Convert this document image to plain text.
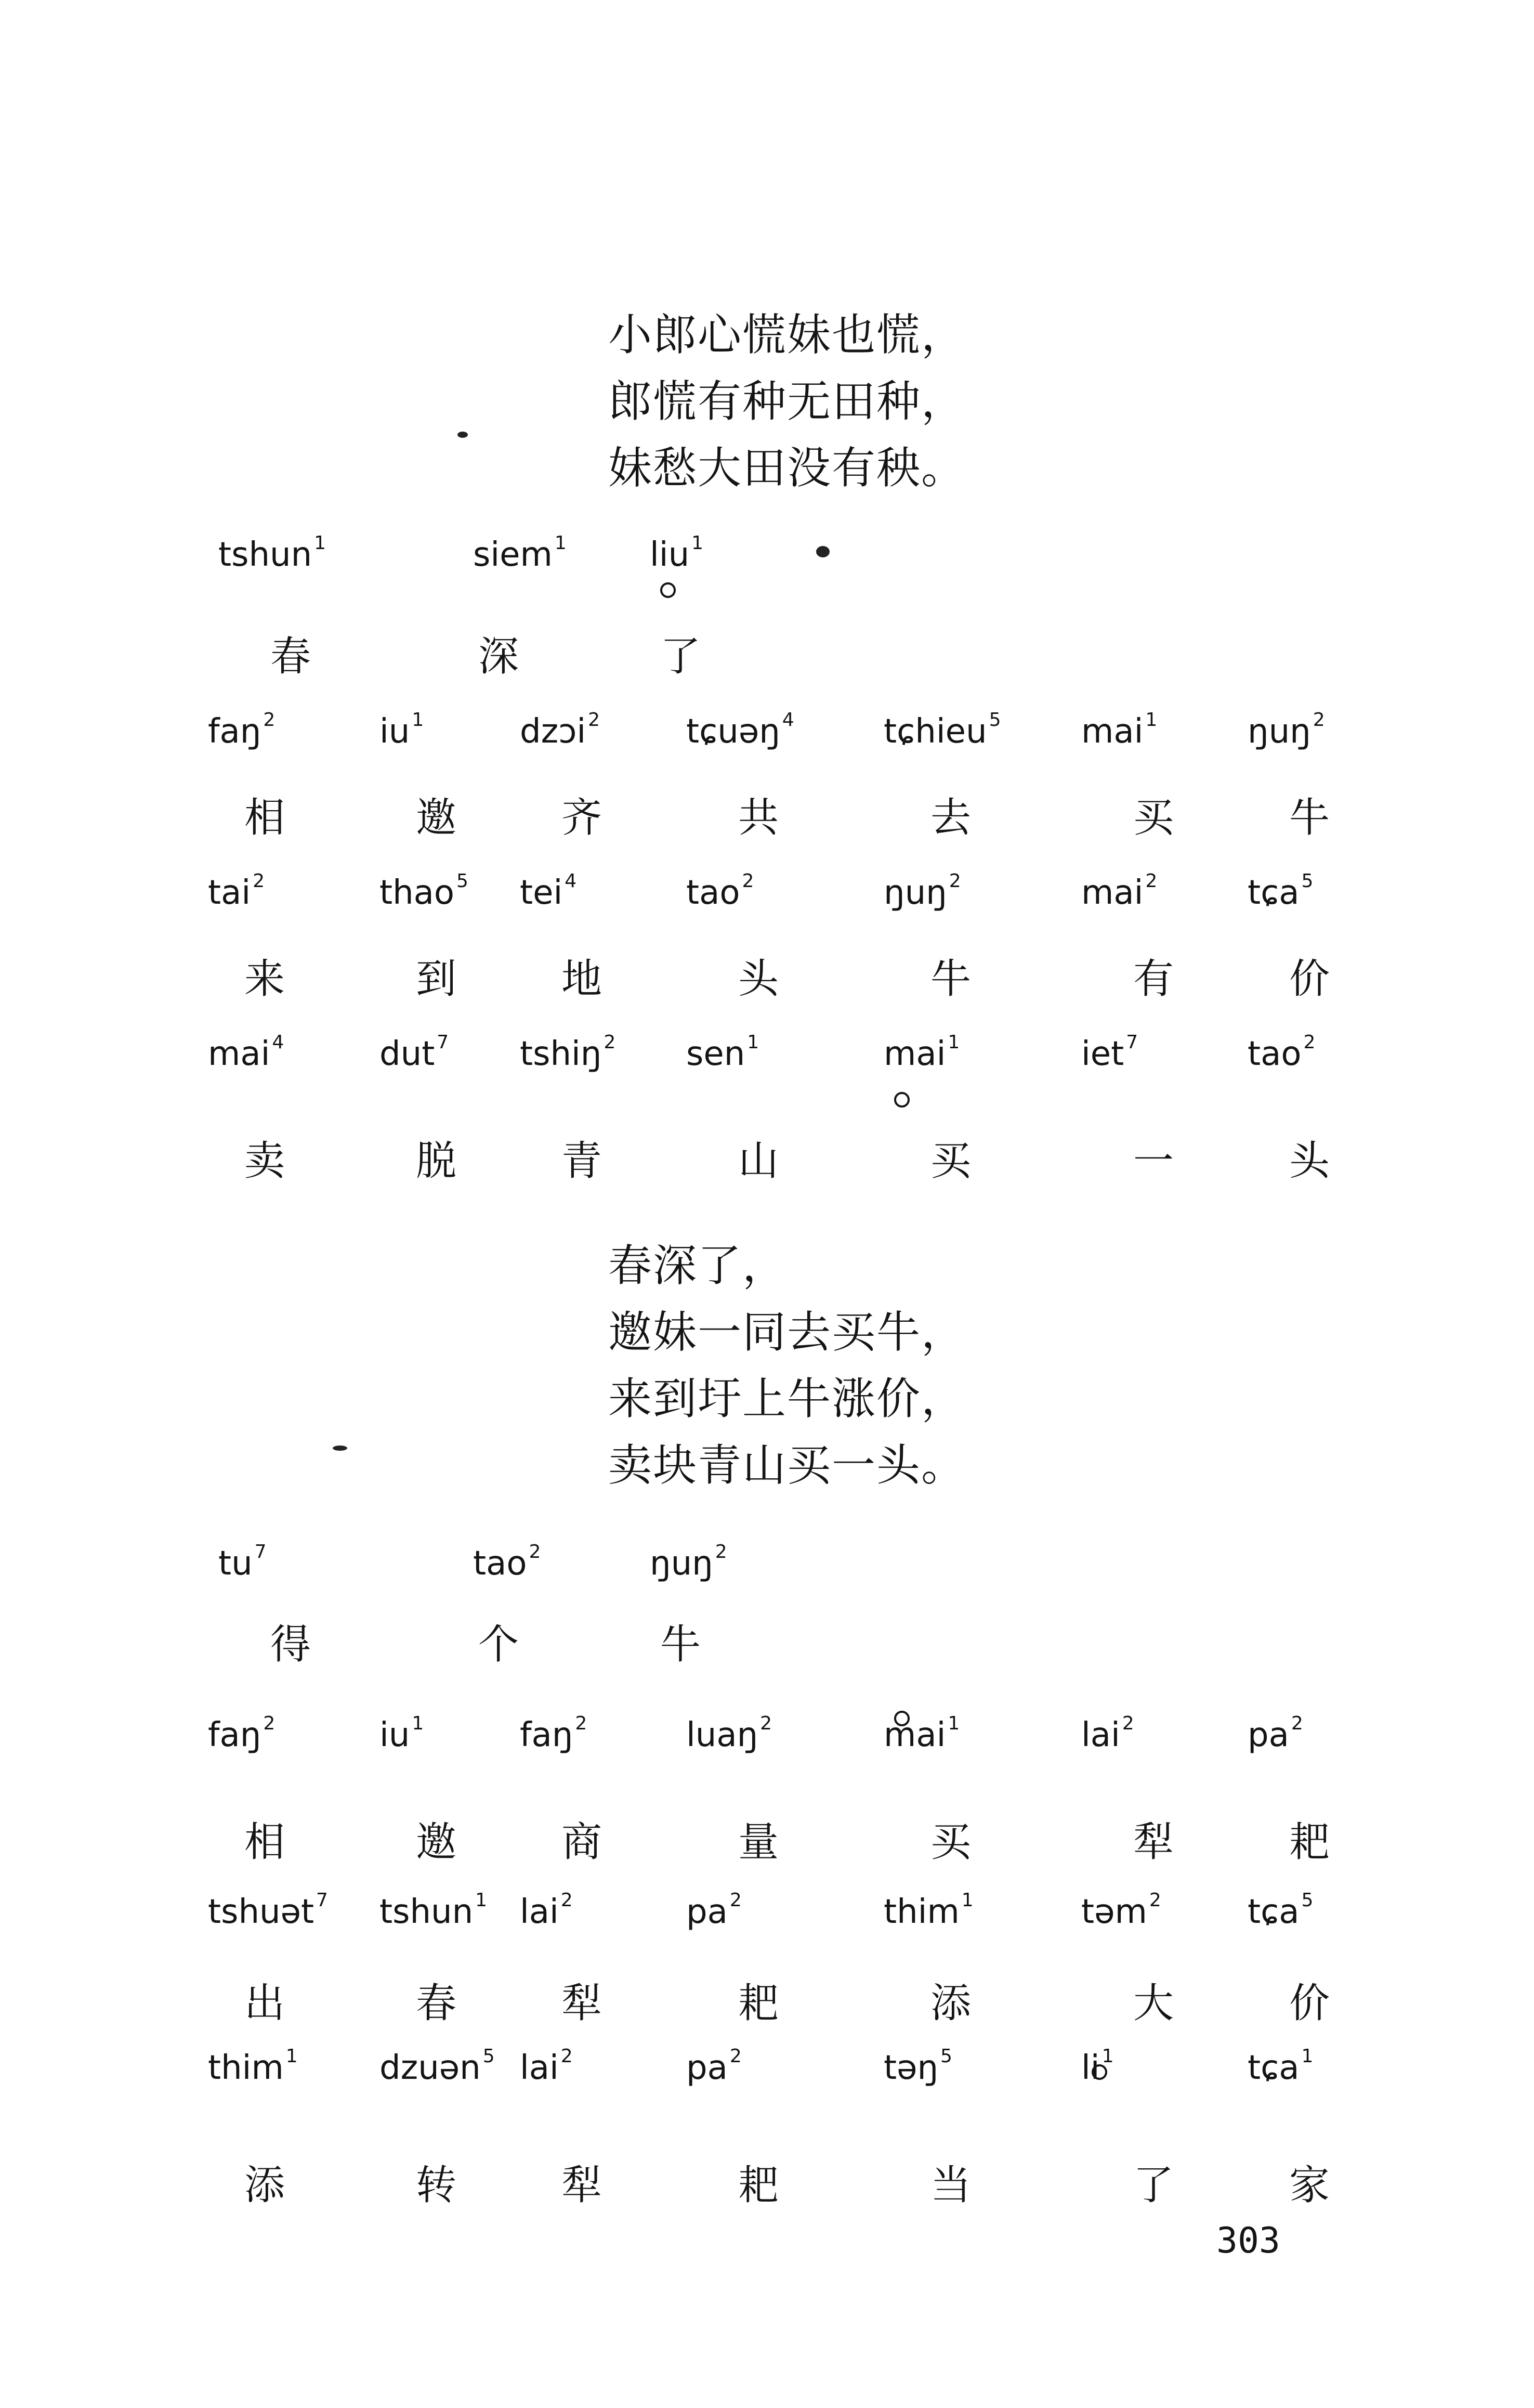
小郎心慌妹也慌，
郎慌有种无田种，
妹愁大田没有秧。
春深了，
邀妹一同去买牛，
来到圩上牛涨价，
卖块青山买一头。
tshun $^1$
春
siem $^1$
深
liu $^1$
了
faŋ $^2$
相
iu $^1$
邀
dzɔi $^2$
齐
tɕuəŋ $^4$
共
tɕhieu $^5$
去
mai $^1$
买
ŋuŋ $^2$
牛
tai $^2$
来
thao $^5$
到
tei $^4$
地
tao $^2$
头
ŋuŋ $^2$
牛
mai $^2$
有
tɕa $^5$
价
mai $^4$
卖
dut $^7$
脱
tshiŋ $^2$
青
sen $^1$
山
mai $^1$
买
iet $^7$
一
tao $^2$
头
tu $^7$
得
tao $^2$
个
ŋuŋ $^2$
牛
faŋ $^2$
相
iu $^1$
邀
faŋ $^2$
商
luaŋ $^2$
量
mai $^1$
买
lai $^2$
犁
pa $^2$
耙
tshuət $^7$
出
tshun $^1$
春
lai $^2$
犁
pa $^2$
耙
thim $^1$
添
təm $^2$
大
tɕa $^5$
价
thim $^1$
添
dzuən $^5$
转
lai $^2$
犁
pa $^2$
耙
təŋ $^5$
当
li $^1$
了
tɕa $^1$
家
303
